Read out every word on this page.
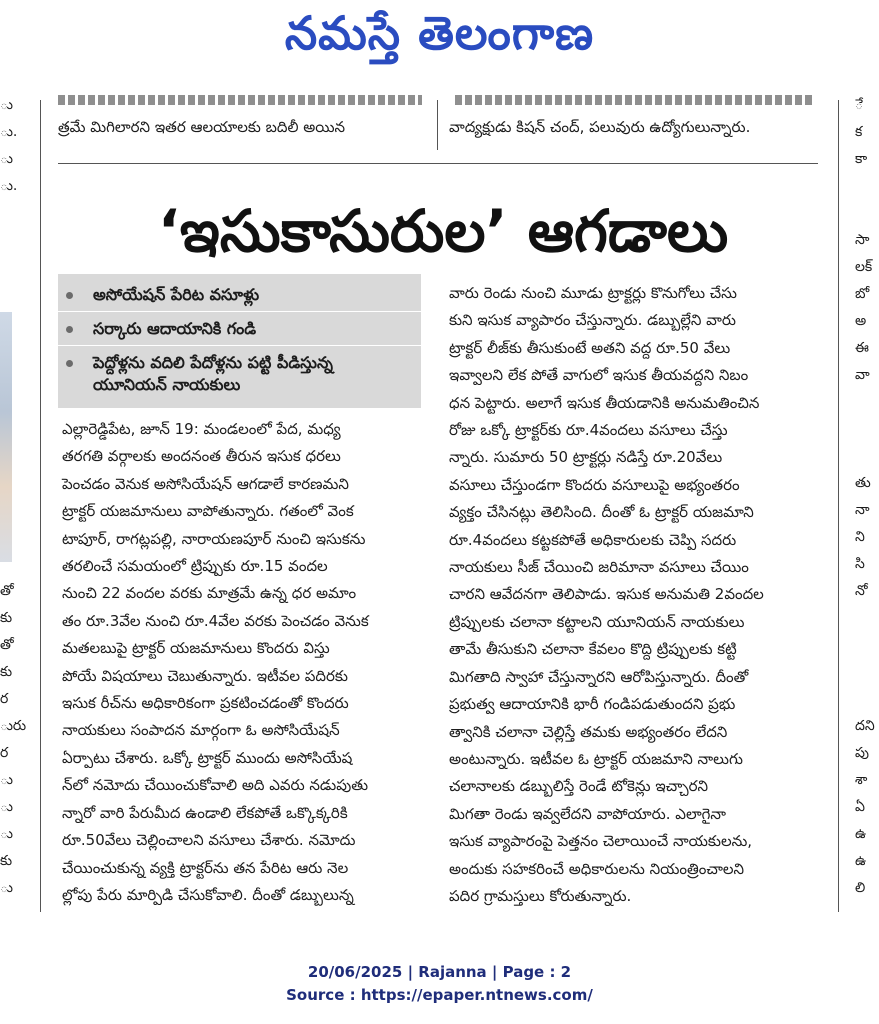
నమస్తే తెలంగాణ
ు
ు.
ు
ు.
తో
కు
తో
కు
ర
ురు
ర
ు
ు
ు
కు
ు
ే
క
కా
సా
లక్
బో
అ
ఈ
వా
తు
నా
ని
సి
నో
దని
పు
శా
ఏ
ఉ
ఉ
లి
త్రమే మిగిలారని ఇతర ఆలయాలకు బదిలీ అయిన	వాద్యక్షుడు కిషన్ చంద్, పలువురు ఉద్యోగులున్నారు.
‘ఇసుకాసురుల’ ఆగడాలు
అసోయేషన్ పేరిట వసూళ్లు
సర్కారు ఆదాయానికి గండి
పెద్దోళ్లను వదిలి పేదోళ్లను పట్టి పీడిస్తున్న
యూనియన్ నాయకులు

ఎల్లారెడ్డిపేట, జూన్ 19: మండలంలో పేద, మధ్య

తరగతి వర్గాలకు అందనంత తీరున ఇసుక ధరలు

పెంచడం వెనుక అసోసియేషన్ ఆగడాలే కారణమని

ట్రాక్టర్ యజమానులు వాపోతున్నారు. గతంలో వెంక

టాపూర్, రాగట్లపల్లి, నారాయణపూర్ నుంచి ఇసుకను

తరలించే సమయంలో ట్రిప్పుకు రూ.15 వందల

నుంచి 22 వందల వరకు మాత్రమే ఉన్న ధర అమాం

తం రూ.3వేల నుంచి రూ.4వేల వరకు పెంచడం వెనుక

మతలబుపై ట్రాక్టర్ యజమానులు కొందరు విస్తు

పోయే విషయాలు చెబుతున్నారు. ఇటీవల పదిరకు

ఇసుక రీచ్‌ను అధికారికంగా ప్రకటించడంతో కొందరు

నాయకులు సంపాదన మార్గంగా ఓ అసోసియేషన్

ఏర్పాటు చేశారు. ఒక్కో ట్రాక్టర్ ముందు అసోసియేష

న్‌లో నమోదు చేయించుకోవాలి అది ఎవరు నడుపుతు

న్నారో వారి పేరుమీద ఉండాలి లేకపోతే ఒక్కొక్కరికి

రూ.50వేలు చెల్లించాలని వసూలు చేశారు. నమోదు

చేయించుకున్న వ్యక్తి ట్రాక్టర్‌ను తన పేరిట ఆరు నెల

ల్లోపు పేరు మార్పిడి చేసుకోవాలి. దీంతో డబ్బులున్న

వారు రెండు నుంచి మూడు ట్రాక్టర్లు కొనుగోలు చేసు

కుని ఇసుక వ్యాపారం చేస్తున్నారు. డబ్బుల్లేని వారు

ట్రాక్టర్ లీజ్‌కు తీసుకుంటే అతని వద్ద రూ.50 వేలు

ఇవ్వాలని లేక పోతే వాగులో ఇసుక తీయవద్దని నిబం

ధన పెట్టారు. అలాగే ఇసుక తీయడానికి అనుమతించిన

రోజు ఒక్కో ట్రాక్టర్‌కు రూ.4వందలు వసూలు చేస్తు

న్నారు. సుమారు 50 ట్రాక్టర్లు నడిస్తే రూ.20వేలు

వసూలు చేస్తుండగా కొందరు వసూలుపై అభ్యంతరం

వ్యక్తం చేసినట్లు తెలిసింది. దీంతో ఓ ట్రాక్టర్ యజమాని

రూ.4వందలు కట్టకపోతే అధికారులకు చెప్పి సదరు

నాయకులు సీజ్ చేయించి జరిమానా వసూలు చేయిం

చారని ఆవేదనగా తెలిపాడు. ఇసుక అనుమతి 2వందల

ట్రిప్పులకు చలానా కట్టాలని యూనియన్ నాయకులు

తామే తీసుకుని చలానా కేవలం కొద్ది ట్రిప్పులకు కట్టి

మిగతాది స్వాహా చేస్తున్నారని ఆరోపిస్తున్నారు. దీంతో

ప్రభుత్వ ఆదాయానికి భారీ గండిపడుతుందని ప్రభు

త్వానికి చలానా చెల్లిస్తే తమకు అభ్యంతరం లేదని

అంటున్నారు. ఇటీవల ఓ ట్రాక్టర్ యజమాని నాలుగు

చలానాలకు డబ్బులిస్తే రెండే టోకెన్లు ఇచ్చారని

మిగతా రెండు ఇవ్వలేదని వాపోయారు. ఎలాగైనా

ఇసుక వ్యాపారంపై పెత్తనం చెలాయించే నాయకులను,

అందుకు సహకరించే అధికారులను నియంత్రించాలని

పదిర గ్రామస్తులు కోరుతున్నారు.

20/06/2025 | Rajanna | Page : 2
Source : https://epaper.ntnews.com/
